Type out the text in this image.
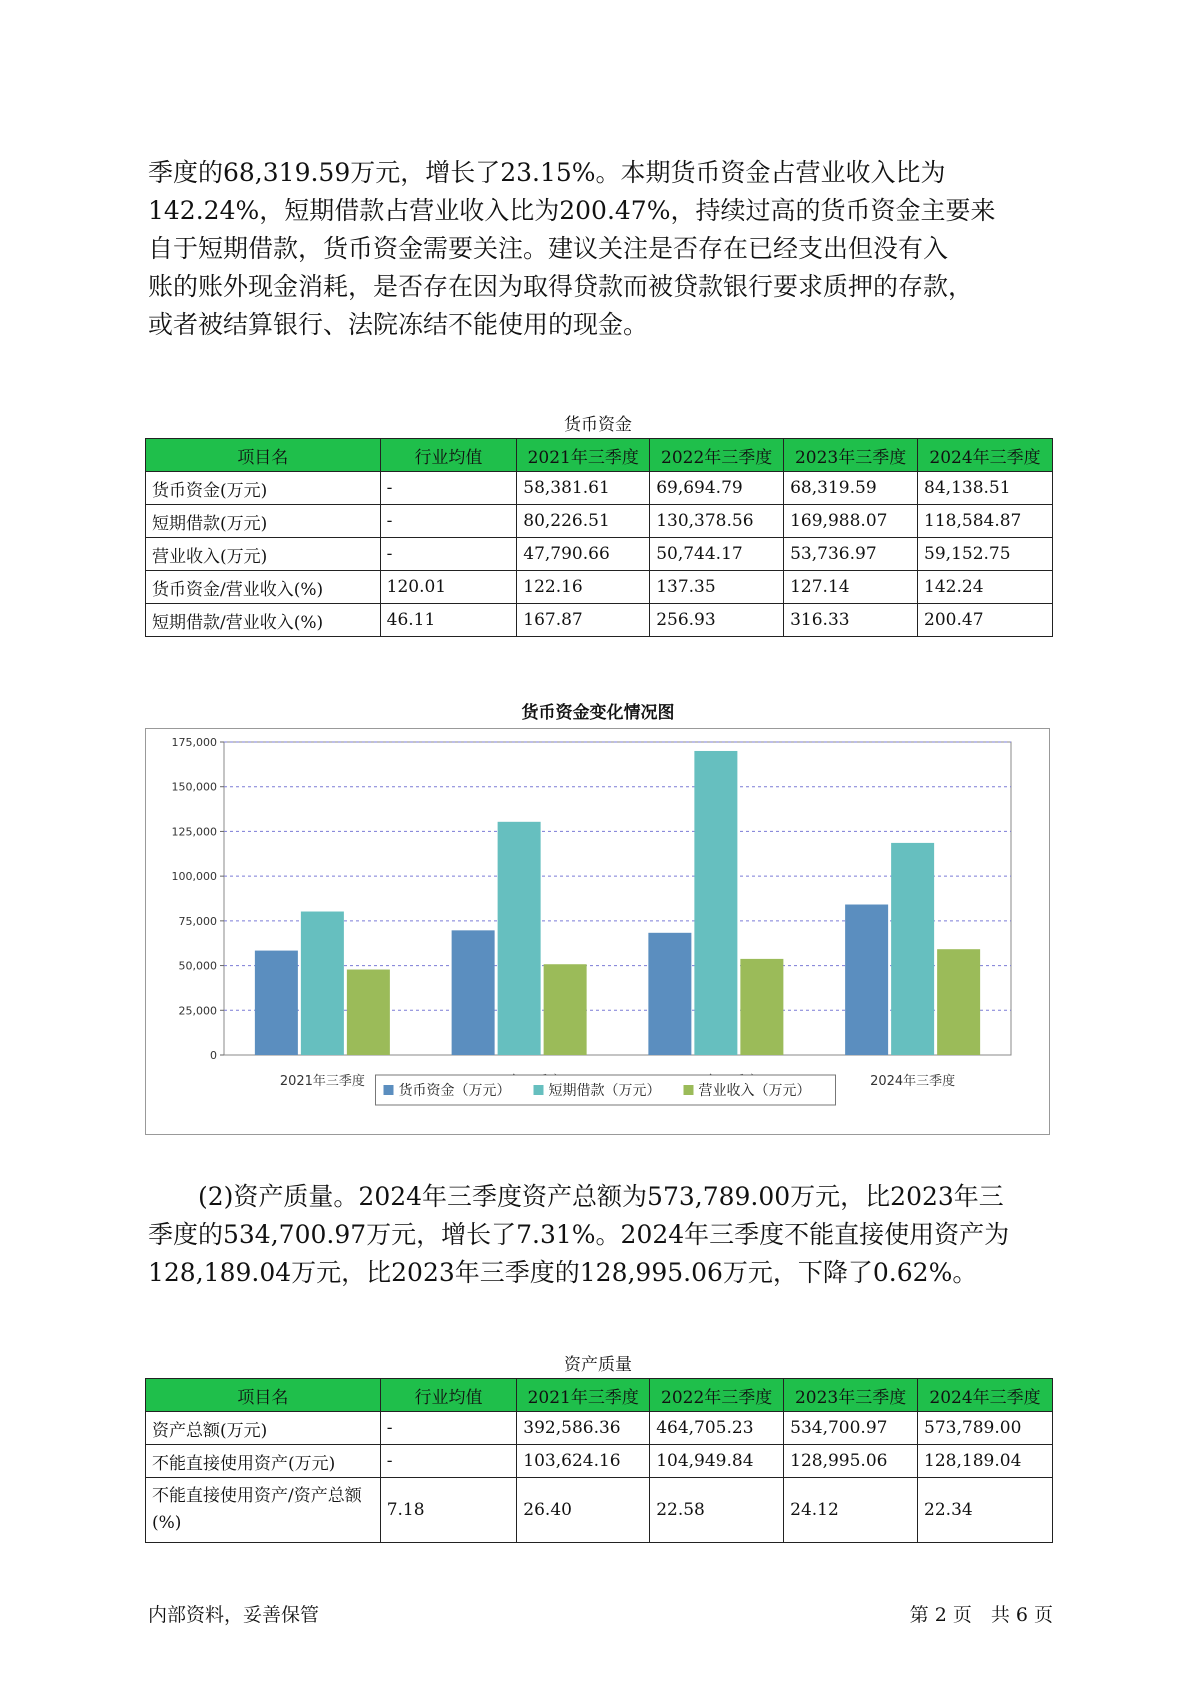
季度的68,319.59万元，增长了23.15%。本期货币资金占营业收入比为
142.24%，短期借款占营业收入比为200.47%，持续过高的货币资金主要来
自于短期借款，货币资金需要关注。建议关注是否存在已经支出但没有入
账的账外现金消耗，是否存在因为取得贷款而被贷款银行要求质押的存款，
或者被结算银行、法院冻结不能使用的现金。
货币资金
项目名	行业均值	2021年三季度	2022年三季度	2023年三季度	2024年三季度
货币资金(万元)	-	58,381.61	69,694.79	68,319.59	84,138.51
短期借款(万元)	-	80,226.51	130,378.56	169,988.07	118,584.87
营业收入(万元)	-	47,790.66	50,744.17	53,736.97	59,152.75
货币资金/营业收入(%)	120.01	122.16	137.35	127.14	142.24
短期借款/营业收入(%)	46.11	167.87	256.93	316.33	200.47
货币资金变化情况图
0
25,000
50,000
75,000
100,000
125,000
150,000
175,000
2021年三季度	2024年三季度
货币资金（万元）	短期借款（万元）	营业收入（万元）
(2)资产质量。2024年三季度资产总额为573,789.00万元，比2023年三
季度的534,700.97万元，增长了7.31%。2024年三季度不能直接使用资产为
128,189.04万元，比2023年三季度的128,995.06万元，下降了0.62%。
资产质量
项目名	行业均值	2021年三季度	2022年三季度	2023年三季度	2024年三季度
资产总额(万元)	-	392,586.36	464,705.23	534,700.97	573,789.00
不能直接使用资产(万元)	-	103,624.16	104,949.84	128,995.06	128,189.04
不能直接使用资产/资产总额(%)	7.18	26.40	22.58	24.12	22.34
内部资料，妥善保管	第 2 页　共 6 页
